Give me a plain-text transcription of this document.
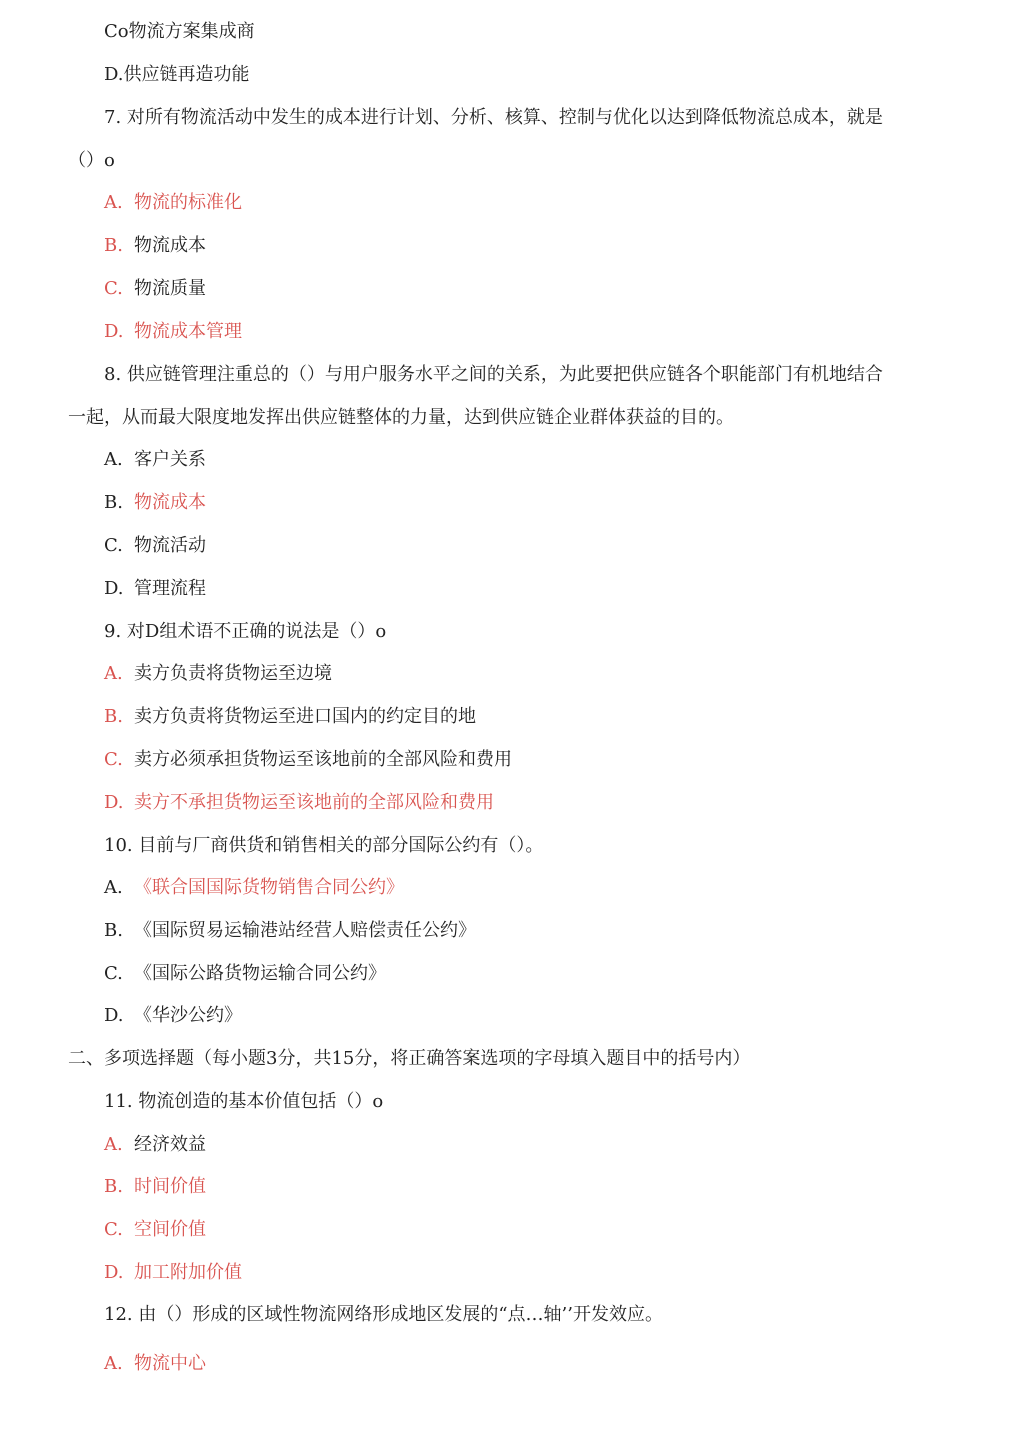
Co物流方案集成商
D.供应链再造功能
7. 对所有物流活动中发生的成本进行计划、分析、核算、控制与优化以达到降低物流总成本，就是
（）o
A. 物流的标准化
B. 物流成本
C. 物流质量
D. 物流成本管理
8. 供应链管理注重总的（）与用户服务水平之间的关系，为此要把供应链各个职能部门有机地结合
一起，从而最大限度地发挥出供应链整体的力量，达到供应链企业群体获益的目的。
A. 客户关系
B. 物流成本
C. 物流活动
D. 管理流程
9. 对D组术语不正确的说法是（）o
A. 卖方负责将货物运至边境
B. 卖方负责将货物运至进口国内的约定目的地
C. 卖方必须承担货物运至该地前的全部风险和费用
D. 卖方不承担货物运至该地前的全部风险和费用
10. 目前与厂商供货和销售相关的部分国际公约有（）。
A. 《联合国国际货物销售合同公约》
B. 《国际贸易运输港站经营人赔偿责任公约》
C. 《国际公路货物运输合同公约》
D. 《华沙公约》
二、多项选择题（每小题3分，共15分，将正确答案选项的字母填入题目中的括号内）
11. 物流创造的基本价值包括（）o
A. 经济效益
B. 时间价值
C. 空间价值
D. 加工附加价值
12. 由（）形成的区域性物流网络形成地区发展的“点…轴’’开发效应。
A. 物流中心
